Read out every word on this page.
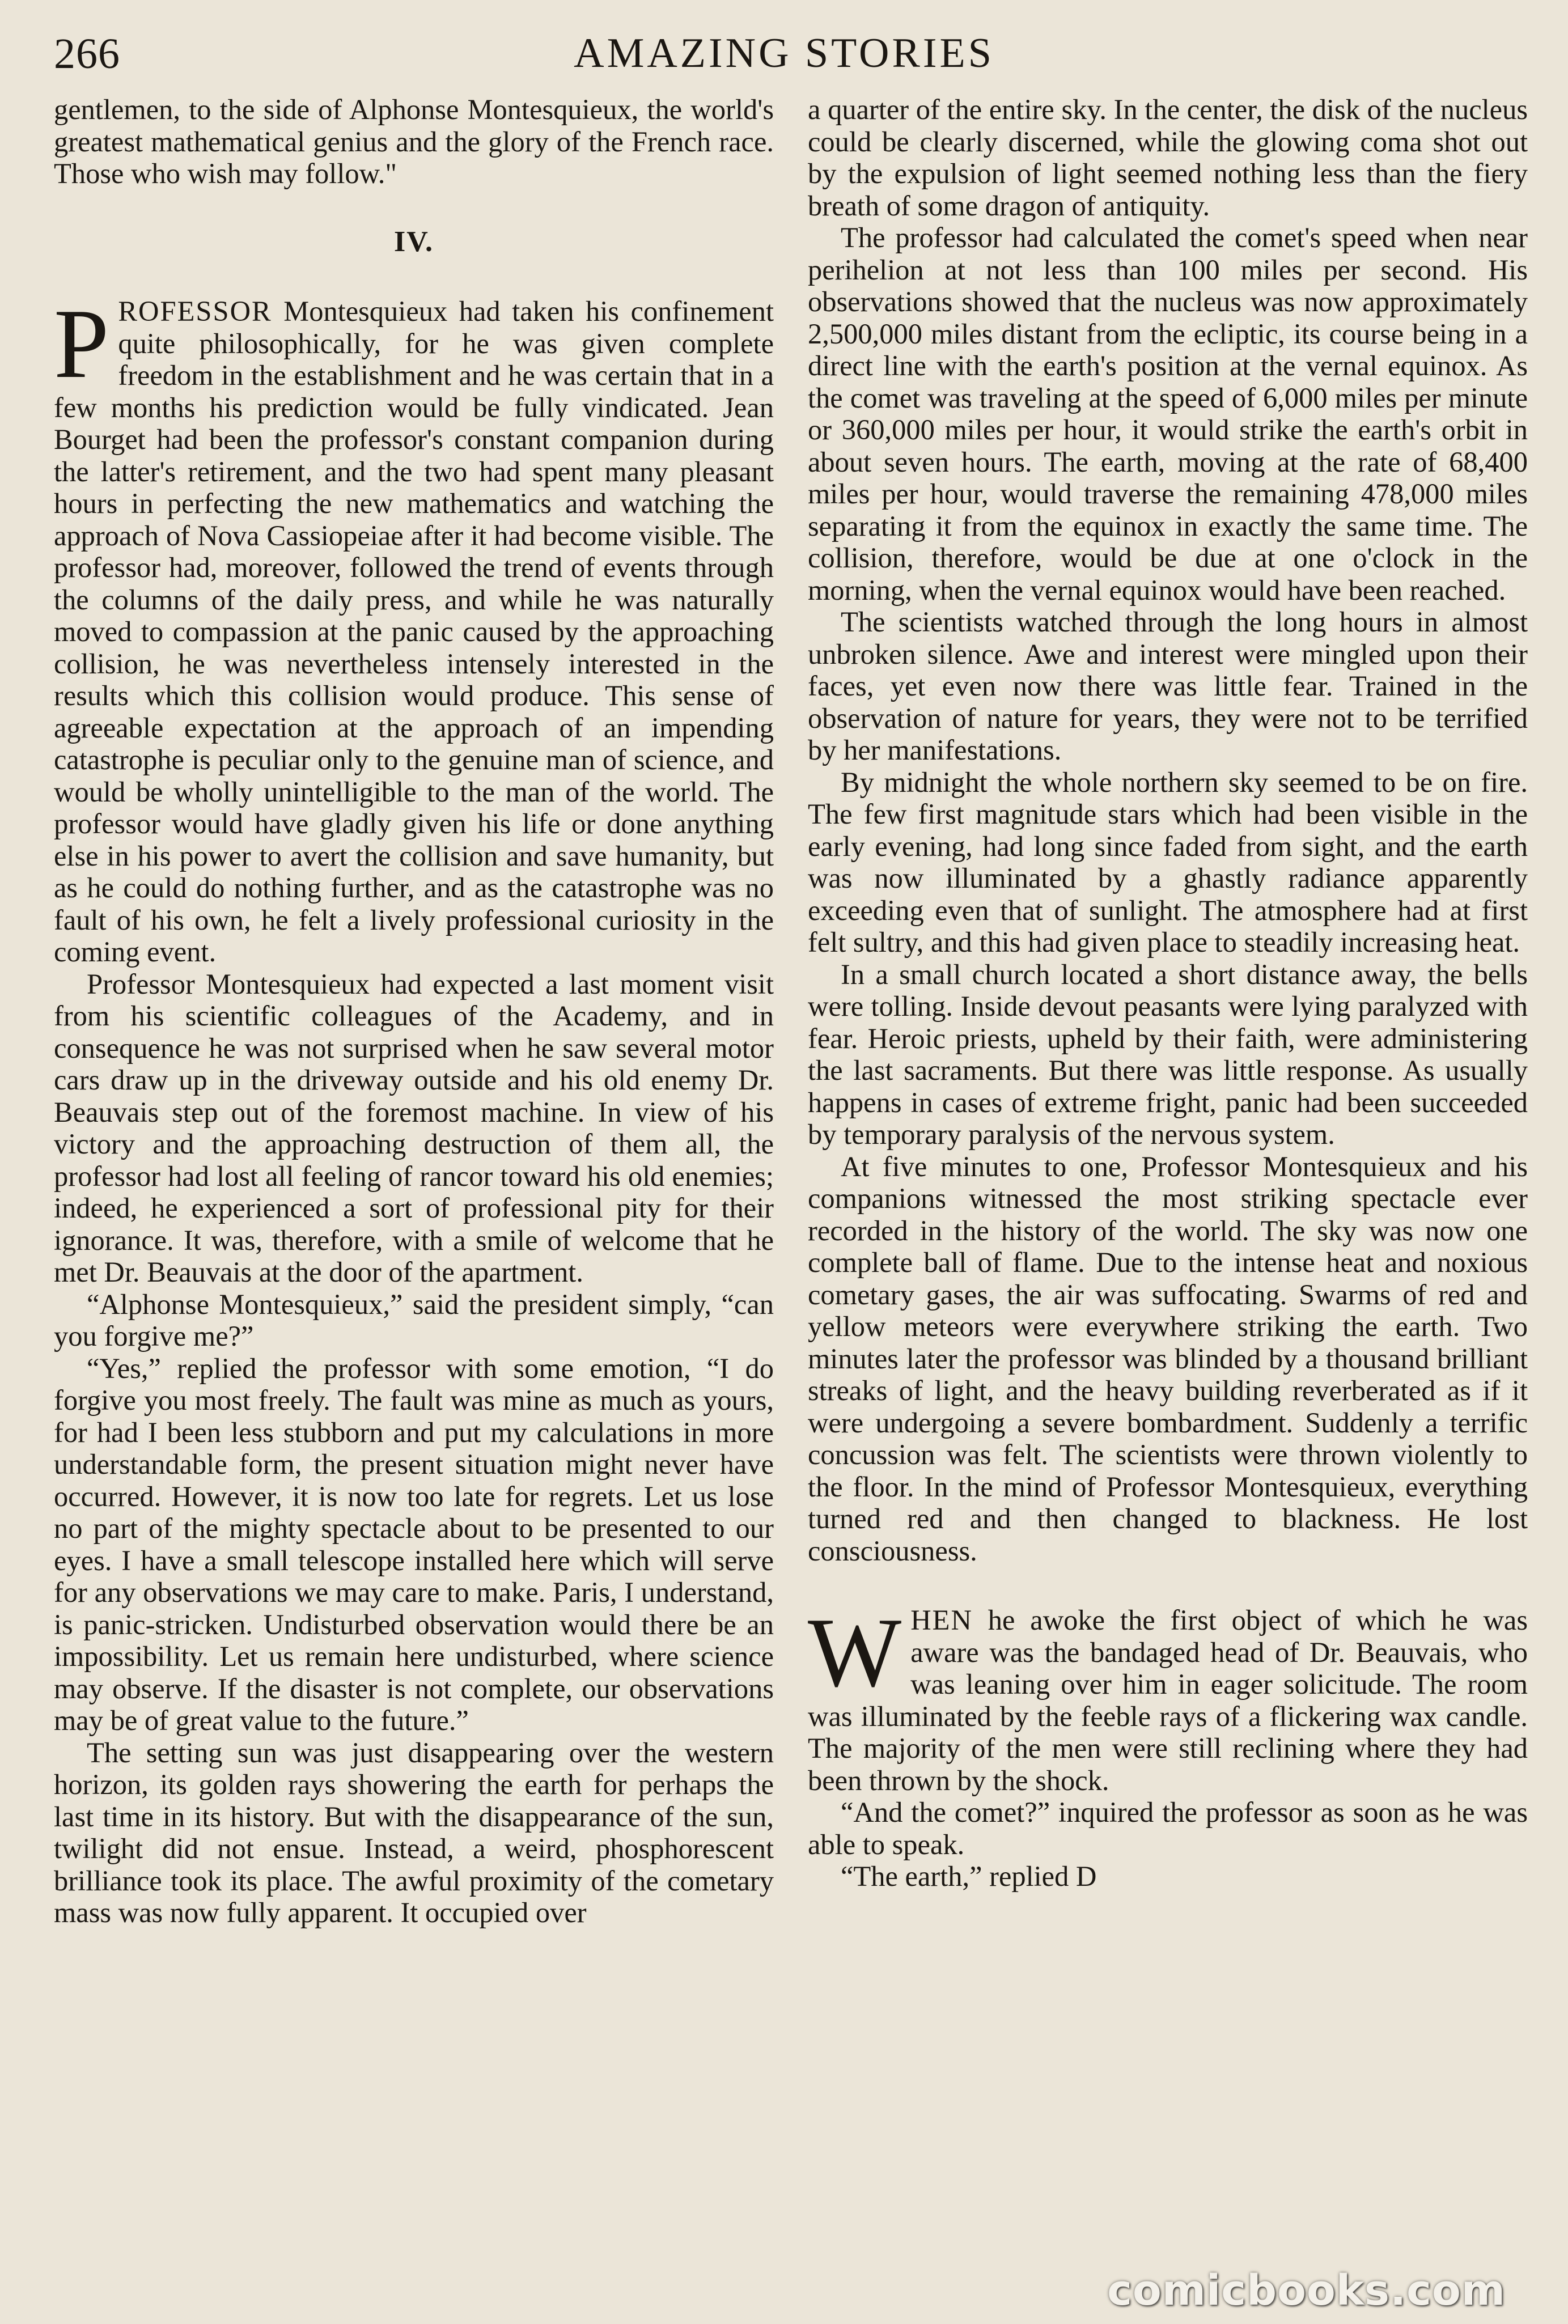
266	AMAZING STORIES

gentlemen, to the side of Alphonse Montesquieux, the world's greatest mathematical genius and the glory of the French race. Those who wish may follow."

IV.

PROFESSOR Montesquieux had taken his confinement quite philosophically, for he was given complete freedom in the establishment and he was certain that in a few months his prediction would be fully vindicated. Jean Bourget had been the professor's constant companion during the latter's retirement, and the two had spent many pleasant hours in perfecting the new mathematics and watching the approach of Nova Cassiopeiae after it had become visible. The professor had, moreover, followed the trend of events through the columns of the daily press, and while he was naturally moved to compassion at the panic caused by the approaching collision, he was nevertheless intensely interested in the results which this collision would produce. This sense of agreeable expectation at the approach of an impending catastrophe is peculiar only to the genuine man of science, and would be wholly unintelligible to the man of the world. The professor would have gladly given his life or done anything else in his power to avert the collision and save humanity, but as he could do nothing further, and as the catastrophe was no fault of his own, he felt a lively professional curiosity in the coming event.

Professor Montesquieux had expected a last moment visit from his scientific colleagues of the Academy, and in consequence he was not surprised when he saw several motor cars draw up in the driveway outside and his old enemy Dr. Beauvais step out of the foremost machine. In view of his victory and the approaching destruction of them all, the professor had lost all feeling of rancor toward his old enemies; indeed, he experienced a sort of professional pity for their ignorance. It was, therefore, with a smile of welcome that he met Dr. Beauvais at the door of the apartment.

“Alphonse Montesquieux,” said the president simply, “can you forgive me?”

“Yes,” replied the professor with some emotion, “I do forgive you most freely. The fault was mine as much as yours, for had I been less stubborn and put my calculations in more understandable form, the present situation might never have occurred. However, it is now too late for regrets. Let us lose no part of the mighty spectacle about to be presented to our eyes. I have a small telescope installed here which will serve for any observations we may care to make. Paris, I understand, is panic-stricken. Undisturbed observation would there be an impossibility. Let us remain here undisturbed, where science may observe. If the disaster is not complete, our observations may be of great value to the future.”

The setting sun was just disappearing over the western horizon, its golden rays showering the earth for perhaps the last time in its history. But with the disappearance of the sun, twilight did not ensue. Instead, a weird, phosphorescent brilliance took its place. The awful proximity of the cometary mass was now fully apparent. It occupied over

a quarter of the entire sky. In the center, the disk of the nucleus could be clearly discerned, while the glowing coma shot out by the expulsion of light seemed nothing less than the fiery breath of some dragon of antiquity.

The professor had calculated the comet's speed when near perihelion at not less than 100 miles per second. His observations showed that the nucleus was now approximately 2,500,000 miles distant from the ecliptic, its course being in a direct line with the earth's position at the vernal equinox. As the comet was traveling at the speed of 6,000 miles per minute or 360,000 miles per hour, it would strike the earth's orbit in about seven hours. The earth, moving at the rate of 68,400 miles per hour, would traverse the remaining 478,000 miles separating it from the equinox in exactly the same time. The collision, therefore, would be due at one o'clock in the morning, when the vernal equinox would have been reached.

The scientists watched through the long hours in almost unbroken silence. Awe and interest were mingled upon their faces, yet even now there was little fear. Trained in the observation of nature for years, they were not to be terrified by her manifestations.

By midnight the whole northern sky seemed to be on fire. The few first magnitude stars which had been visible in the early evening, had long since faded from sight, and the earth was now illuminated by a ghastly radiance apparently exceeding even that of sunlight. The atmosphere had at first felt sultry, and this had given place to steadily increasing heat.

In a small church located a short distance away, the bells were tolling. Inside devout peasants were lying paralyzed with fear. Heroic priests, upheld by their faith, were administering the last sacraments. But there was little response. As usually happens in cases of extreme fright, panic had been succeeded by temporary paralysis of the nervous system.

At five minutes to one, Professor Montesquieux and his companions witnessed the most striking spectacle ever recorded in the history of the world. The sky was now one complete ball of flame. Due to the intense heat and noxious cometary gases, the air was suffocating. Swarms of red and yellow meteors were everywhere striking the earth. Two minutes later the professor was blinded by a thousand brilliant streaks of light, and the heavy building reverberated as if it were undergoing a severe bombardment. Suddenly a terrific concussion was felt. The scientists were thrown violently to the floor. In the mind of Professor Montesquieux, everything turned red and then changed to blackness. He lost consciousness.

WHEN he awoke the first object of which he was aware was the bandaged head of Dr. Beauvais, who was leaning over him in eager solicitude. The room was illuminated by the feeble rays of a flickering wax candle. The majority of the men were still reclining where they had been thrown by the shock.

“And the comet?” inquired the professor as soon as he was able to speak.

“The earth,” replied D

comicbooks.com
